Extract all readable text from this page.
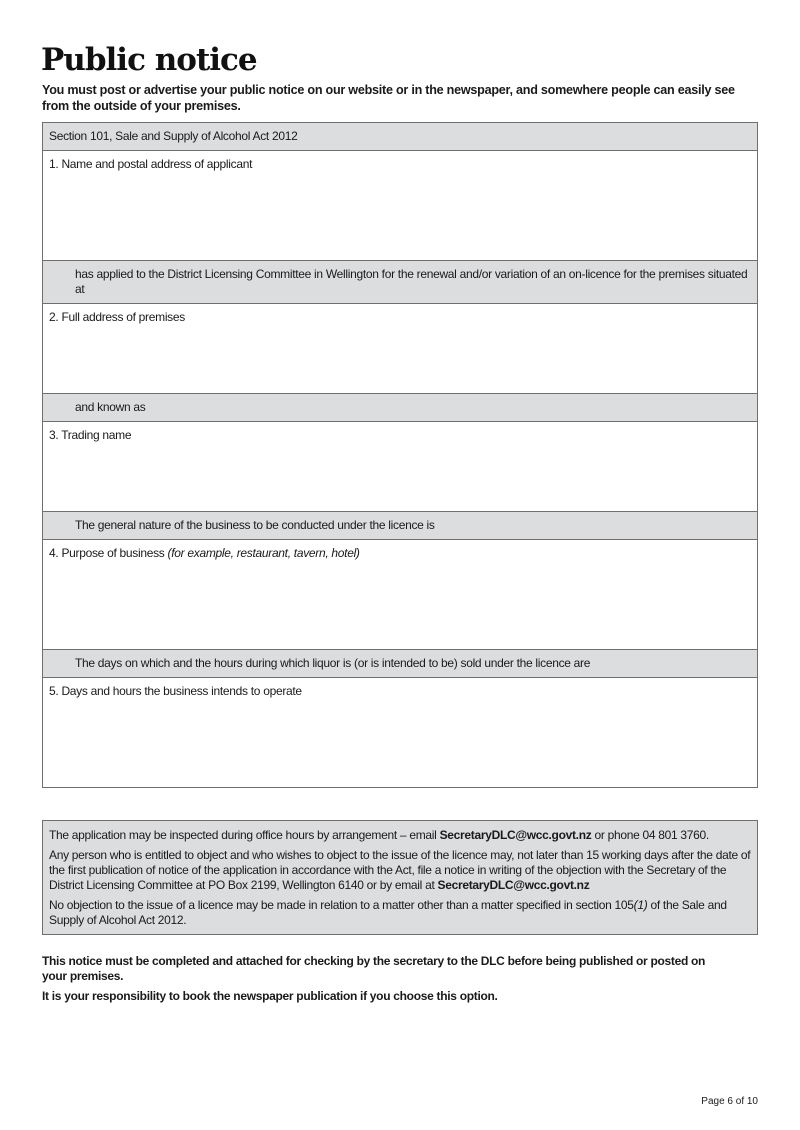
Public notice

You must post or advertise your public notice on our website or in the newspaper, and somewhere people can easily see from the outside of your premises.

Section 101, Sale and Supply of Alcohol Act 2012
1. Name and postal address of applicant
has applied to the District Licensing Committee in Wellington for the renewal and/or variation of an on-licence for the premises situated at
2. Full address of premises
and known as
3. Trading name
The general nature of the business to be conducted under the licence is
4. Purpose of business (for example, restaurant, tavern, hotel)
The days on which and the hours during which liquor is (or is intended to be) sold under the licence are
5. Days and hours the business intends to operate

The application may be inspected during office hours by arrangement – email SecretaryDLC@wcc.govt.nz or phone 04 801 3760.

Any person who is entitled to object and who wishes to object to the issue of the licence may, not later than 15 working days after the date of the first publication of notice of the application in accordance with the Act, file a notice in writing of the objection with the Secretary of the District Licensing Committee at PO Box 2199, Wellington 6140 or by email at SecretaryDLC@wcc.govt.nz

No objection to the issue of a licence may be made in relation to a matter other than a matter specified in section 105(1) of the Sale and Supply of Alcohol Act 2012.

This notice must be completed and attached for checking by the secretary to the DLC before being published or posted on your premises.

It is your responsibility to book the newspaper publication if you choose this option.

Page 6 of 10
